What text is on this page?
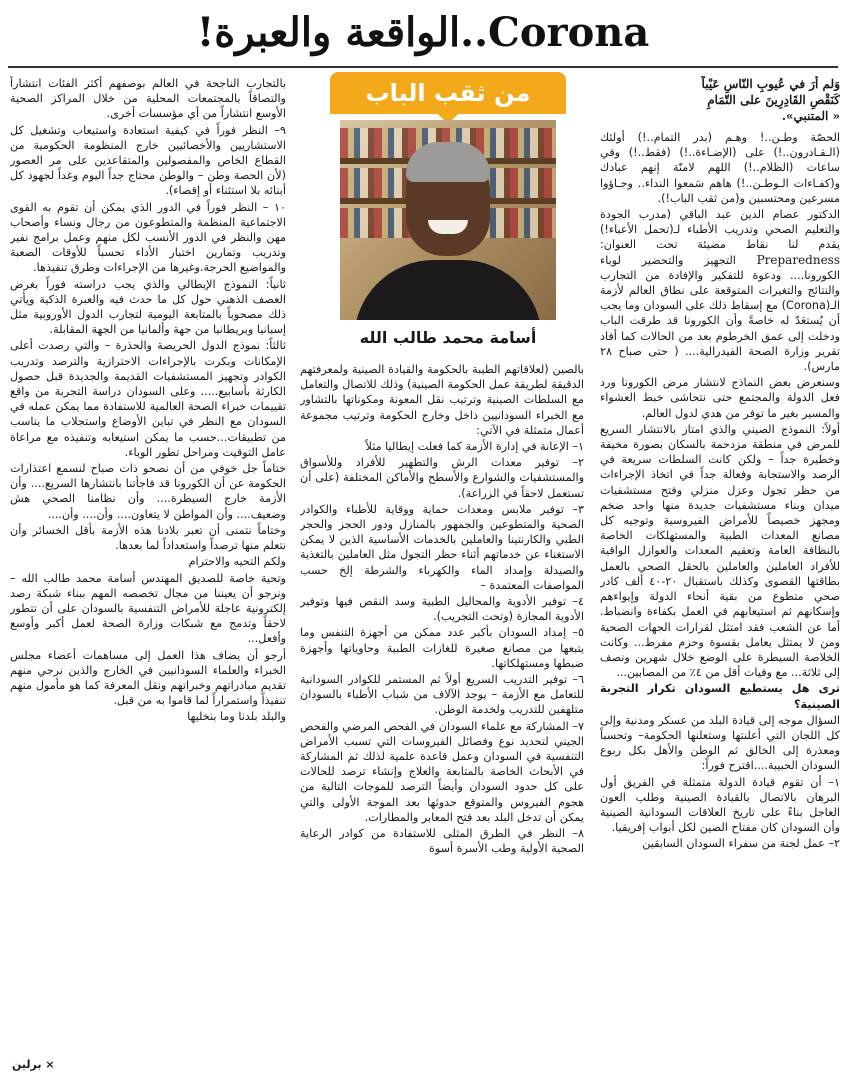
Corona..الواقعة والعبرة!

وَلم أرَ في عُيوبِ النّاسِ عَيْباً
كَنَقْصِ القَادِرِينَ على التّمَامِ
« المتنبي».

الحصّة وطـن..! وهـم (بدر التمام..!) أولئك (الـقـادرون..!) على (الإضـاءة..!) (فقط..!) وفي ساعات (الظلام..!) اللهم لامنّة إنهم عبادك و(كفـاءات الـوطـن..!) هاهم سَمعوا النداء.. وجـاؤوا مسرعين ومحتسبين و(من ثقب الباب!).

الدكتور عصام الدين عبد الباقي (مدرب الجودة والتعليم الصحي وتدريب الأطباء لـ(تحمل الأعباء!) يقدم لنا نقاط مضيئة تحت العنوان: Preparedness التجهيز والتحضير لوباء الكورونا.... ودعوة للتفكير والإفادة من التجارب والنتائج والتغيرات المتوقعة على نطاق العالم لأزمة الـ(Corona) مع إسقاط ذلك على السودان وما يجب أن يُستعَدّ له خاصةً وأن الكورونا قد طرقت الباب ودخلت إلى عمق الخرطوم بعد من الحالات كما أفاد تقرير وزارة الصحة الفيدرالية.... ( حتى صباح ٢٨ مارس).

وسنعرض بعض النماذج لانتشار مرض الكورونا ورد فعل الدولة والمجتمع حتى نتحاشى خبط العشواء والمسير بغير ما توفر من هدي لدول العالم.

أولاً: النموذج الصيني والذي امتاز بالانتشار السريع للمرض في منطقة مزدحمة بالسكان بصورة مخيفة وخطيرة جداً – ولكن كانت السلطات سريعة في الرصد والاستجابة وفعالة جداً في اتخاذ الإجراءات من حظر تجول وعزل منزلي وفتح مستشفيات ميدان وبناء مستشفيات جديدة منها واحد ضخم ومجهز خصيصاً للأمراض الفيروسية وتوجيه كل مصانع المعدات الطبية والمستهلكات الخاصة بالنظافة العامة وتعقيم المعدات والعوازل الواقية للأفراد العاملين والعاملين بالحقل الصحي بالعمل بطاقتها القصوى وكذلك باستقبال ٢٠-٤٠ ألف كادر صحي متطوع من بقية أنحاء الدولة وإيواءهم وإسكانهم ثم استيعابهم في العمل بكفاءة وانضباط. أما عن الشعب فقد امتثل لقرارات الجهات الصحية ومن لا يمتثل يعامل بقسوة وحزم مفرط... وكانت الخلاصة السيطرة على الوضع خلال شهرين ونصف إلى ثلاثة... مع وفيات أقل من ٤٪ من المصابين...

ترى هل يستطيع السودان تكرار التجربة الصينية؟

السؤال موجه إلى قيادة البلد من عسكر ومدنية وإلى كل اللجان التي أعلنتها وستعلنها الحكومة– وتحسباً ومعذرة إلى الخالق ثم الوطن والأهل بكل ربوع السودان الحبيبة....اقترح فوراً:

١– أن تقوم قيادة الدولة متمثلة في الفريق أول البرهان بالاتصال بالقيادة الصينية وطلب العون العاجل بناءً على تاريخ العلاقات السودانية الصينية وأن السودان كان مفتاح الصين لكل أبواب إفريقيا.

٢– عمل لجنة من سفراء السودان السابقين

من ثقب الباب
أسامة محمد طالب الله

بالصين (لعلاقاتهم الطيبة بالحكومة والقيادة الصينية ولمعرفتهم الدقيقة لطريقة عمل الحكومة الصينية) وذلك للاتصال والتعامل مع السلطات الصينية وترتيب نقل المعونة ومكوناتها بالتشاور مع الخبراء السودانيين داخل وخارج الحكومة وترتيب مجموعة أعمال متمثلة في الآتي:

١– الإعانة في إدارة الأزمة كما فعلت إيطاليا مثلاً

٢– توفير معدات الرش والتطهير للأفراد وللأسواق والمستشفيات والشوارع والأسطح والأماكن المختلفة (على أن تستعمل لاحقاً في الزراعة).

٣– توفير ملابس ومعدات حماية ووقاية للأطباء والكوادر الصحية والمتطوعين والجمهور بالمنازل ودور الحجز والحجر الطبي والكارنتينا والعاملين بالخدمات الأساسية الذين لا يمكن الاستغناء عن خدماتهم أثناء حظر التجول مثل العاملين بالتغذية والصيدلة وإمداد الماء والكهرباء والشرطة إلخ حسب المواصفات المعتمدة –

٤– توفير الأدوية والمحاليل الطبية وسد النقص فيها وتوفير الأدوية المجازة (وتحت التجريب).

٥– إمداد السودان بأكبر عدد ممكن من أجهزة التنفس وما يتبعها من مصانع صغيرة للغازات الطبية وحاوياتها وأجهزة ضبطها ومستهلكاتها.

٦– توفير التدريب السريع أولاً ثم المستمر للكوادر السودانية للتعامل مع الأزمة – يوجد الآلاف من شباب الأطباء بالسودان متلهفين للتدريب ولخدمة الوطن.

٧– المشاركة مع علماء السودان في الفحص المرضي والفحص الجيني لتحديد نوع وفصائل الفيروسات التي تسبب الأمراض التنفسية في السودان وعمل قاعدة علمية لذلك ثم المشاركة في الأبحاث الخاصة بالمتابعة والعلاج وإنشاء ترصد للحالات على كل حدود السودان وأيضاً الترصد للموجات التالية من هجوم الفيروس والمتوقع حدوثها بعد الموجة الأولى والتي يمكن أن تدخل البلد بعد فتح المعابر والمطارات.

٨– النظر في الطرق المثلى للاستفادة من كوادر الرعاية الصحية الأولية وطب الأسرة أسوة

بالتجارب الناجحة في العالم بوصفهم أكثر الفئات انتشاراً والتصاقاً بالمجتمعات المحلية من خلال المراكز الصحية الأوسع انتشاراً من أي مؤسسات أخرى.

٩– النظر فوراً في كيفية استعادة واستيعاب وتشغيل كل الاستشاريين والأخصائيين خارج المنظومة الحكومية من القطاع الخاص والمفصولين والمتقاعدين على مر العصور (لأن الحصة وطن – والوطن محتاج جداً اليوم وغداً لجهود كل أبنائه بلا استثناء أو إقصاء).

١٠ – النظر فوراً في الدور الذي يمكن أن تقوم به القوى الاجتماعية المنظمة والمتطوعون من رجال ونساء وأصحاب مهن والنظر في الدور الأنسب لكل منهم وعمل برامج نفير وتدريب وتمارين اختبار الأداء تحسباً للأوقات الصعبة والمواضيع الحرجة.وغيرها من الإجراءات وطرق تنفيذها.

ثانياً: النموذج الإيطالي والذي يجب دراسته فوراً بغرض العصف الذهني حول كل ما حدث فيه والعبرة الذكية ويأتي ذلك مصحوباً بالمتابعة اليومية لتجارب الدول الأوروبية مثل إسبانيا وبريطانيا من جهة وألمانيا من الجهة المقابلة.

ثالثاً: نموذج الدول الحريصة والحذرة – والتي رصدت أعلى الإمكانات وبكرت بالإجراءات الاحترازية والترصد وتدريب الكوادر وتجهيز المستشفيات القديمة والجديدة قبل حصول الكارثة بأسابيع..... وعلى السودان دراسة التجربة من واقع تقييمات خبراء الصحة العالمية للاستفادة مما يمكن عمله في السودان مع النظر في تباين الأوضاع واستجلاب ما يناسب من تطبيقات...حسب ما يمكن استيعابه وتنفيذه مع مراعاة عامل التوقيت ومراحل تطور الوباء.

ختاماً جل خوفي من أن نصحو ذات صباح لنسمع اعتذارات الحكومة عن أن الكورونا قد فاجأتنا بانتشارها السريع.... وأن الأزمة خارج السيطرة.... وأن نظامنا الصحي هش وضعيف.... وأن المواطن لا يتعاون.... وأن.... وأن....

وختاماً نتمنى أن تعبر بلادنا هذه الأزمة بأقل الخسائر وأن نتعلم منها ترصداً واستعداداً لما بعدها.

ولكم التحيه والاحترام

وتحية خاصة للصديق المهندس أسامة محمد طالب الله – ونرجو أن يعيننا من مجال تخصصه المهم ببناء شبكة رصد إلكترونية عاجلة للأمراض التنفسية بالسودان على أن تتطور لاحقاً وتدمج مع شبكات وزارة الصحة لعمل أكبر وأوسع وأفعل...

أرجو أن يضاف هذا العمل إلى مساهمات أعضاء مجلس الخبراء والعلماء السودانيين في الخارج والذين نرجي منهم تقديم مبادراتهم وخبراتهم ونقل المعرفة كما هو مأمول منهم تنفيذاً واستمراراً لما قاموا به من قبل.

والبلد بلدنا وما بنخليها

× برلين
